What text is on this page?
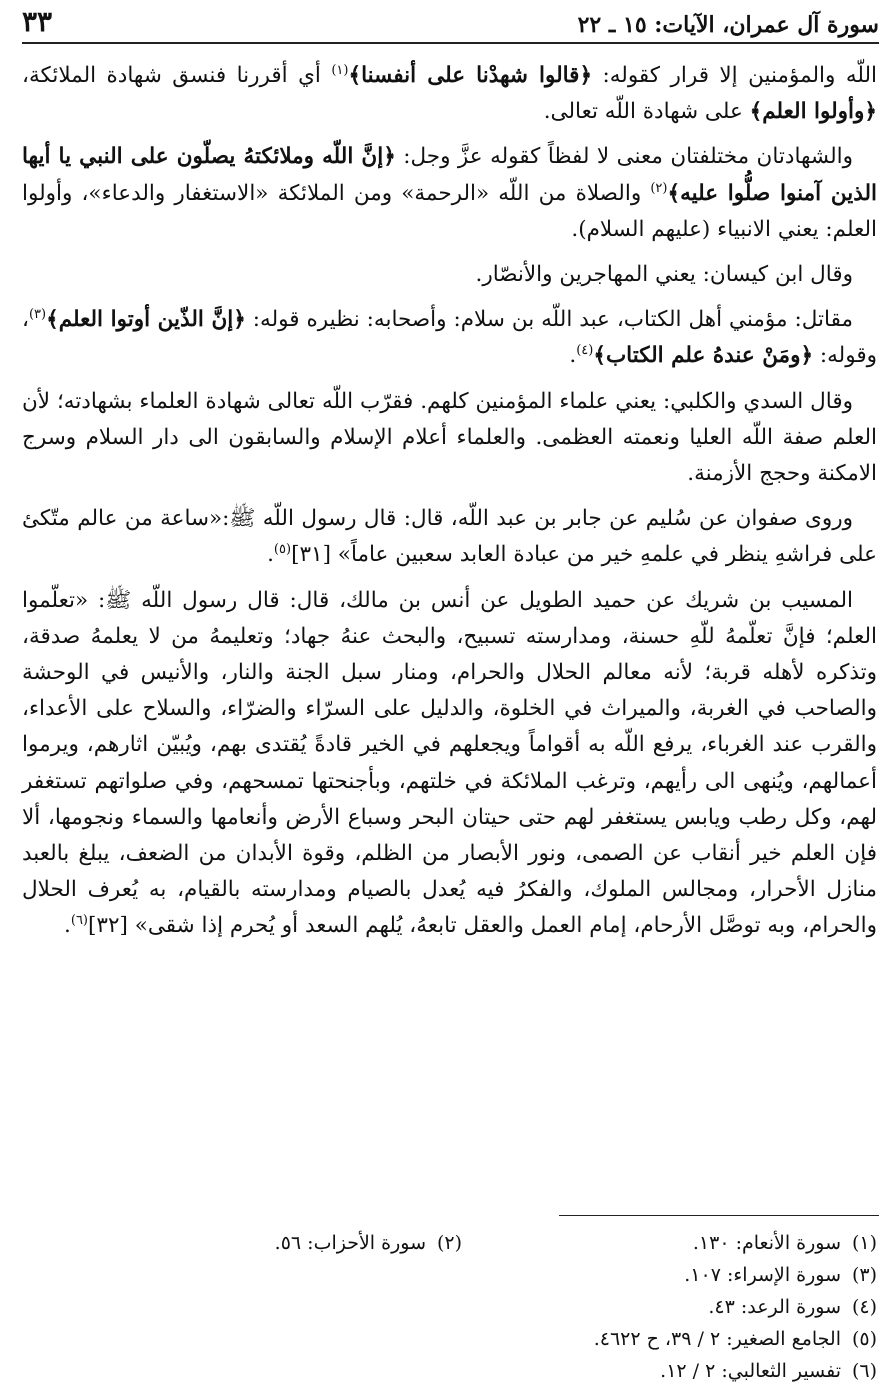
سورة آل عمران، الآيات: ١٥ ـ ٢٢
٣٣

اللّه والمؤمنين إلا قرار كقوله: ﴿قالوا شهدْنا على أنفسنا﴾$^{(١)}$ أي أقررنا فنسق شهادة الملائكة، ﴿وأولوا العلم﴾ على شهادة اللّه تعالى.

والشهادتان مختلفتان معنى لا لفظاً كقوله عزَّ وجل: ﴿إنَّ اللّه وملائكتهُ يصلّون على النبي يا أيها الذين آمنوا صلُّوا عليه﴾$^{(٢)}$ والصلاة من اللّه «الرحمة» ومن الملائكة «الاستغفار والدعاء»، وأولوا العلم: يعني الانبياء (عليهم السلام).

وقال ابن كيسان: يعني المهاجرين والأنصّار.

مقاتل: مؤمني أهل الكتاب، عبد اللّه بن سلام: وأصحابه: نظيره قوله: ﴿إنَّ الذّين أوتوا العلم﴾$^{(٣)}$، وقوله: ﴿ومَنْ عندهُ علم الكتاب﴾$^{(٤)}$.

وقال السدي والكلبي: يعني علماء المؤمنين كلهم. فقرّب اللّه تعالى شهادة العلماء بشهادته؛ لأن العلم صفة اللّه العليا ونعمته العظمى. والعلماء أعلام الإسلام والسابقون الى دار السلام وسرج الامكنة وحجج الأزمنة.

وروى صفوان عن سُليم عن جابر بن عبد اللّه، قال: قال رسول اللّه ﷺ:«ساعة من عالم متّكئ على فراشهِ ينظر في علمهِ خير من عبادة العابد سعبين عاماً» [٣١]$^{(٥)}$.

المسيب بن شريك عن حميد الطويل عن أنس بن مالك، قال: قال رسول اللّه ﷺ: «تعلّموا العلم؛ فإنَّ تعلّمهُ للّهِ حسنة، ومدارسته تسبيح، والبحث عنهُ جهاد؛ وتعليمهُ من لا يعلمهُ صدقة، وتذكره لأهله قربة؛ لأنه معالم الحلال والحرام، ومنار سبل الجنة والنار، والأنيس في الوحشة والصاحب في الغربة، والميراث في الخلوة، والدليل على السرّاء والضرّاء، والسلاح على الأعداء، والقرب عند الغرباء، يرفع اللّه به أقواماً ويجعلهم في الخير قادةً يُقتدى بهم، ويُبيّن اثارهم، ويرموا أعمالهم، ويُنهى الى رأيهم، وترغب الملائكة في خلتهم، وبأجنحتها تمسحهم، وفي صلواتهم تستغفر لهم، وكل رطب ويابس يستغفر لهم حتى حيتان البحر وسباع الأرض وأنعامها والسماء ونجومها، ألا فإن العلم خير أنقاب عن الصمى، ونور الأبصار من الظلم، وقوة الأبدان من الضعف، يبلغ بالعبد منازل الأحرار، ومجالس الملوك، والفكرُ فيه يُعدل بالصيام ومدارسته بالقيام، به يُعرف الحلال والحرام، وبه توصَّل الأرحام، إمام العمل والعقل تابعهُ، يُلهم السعد أو يُحرم إذا شقى» [٣٢]$^{(٦)}$.

(١)سورة الأنعام: ١٣٠.
(٢)سورة الأحزاب: ٥٦.
(٣)سورة الإسراء: ١٠٧.
(٤)سورة الرعد: ٤٣.
(٥)الجامع الصغير: ٢ / ٣٩، ح ٤٦٢٢.
(٦)تفسير الثعالبي: ٢ / ١٢.
